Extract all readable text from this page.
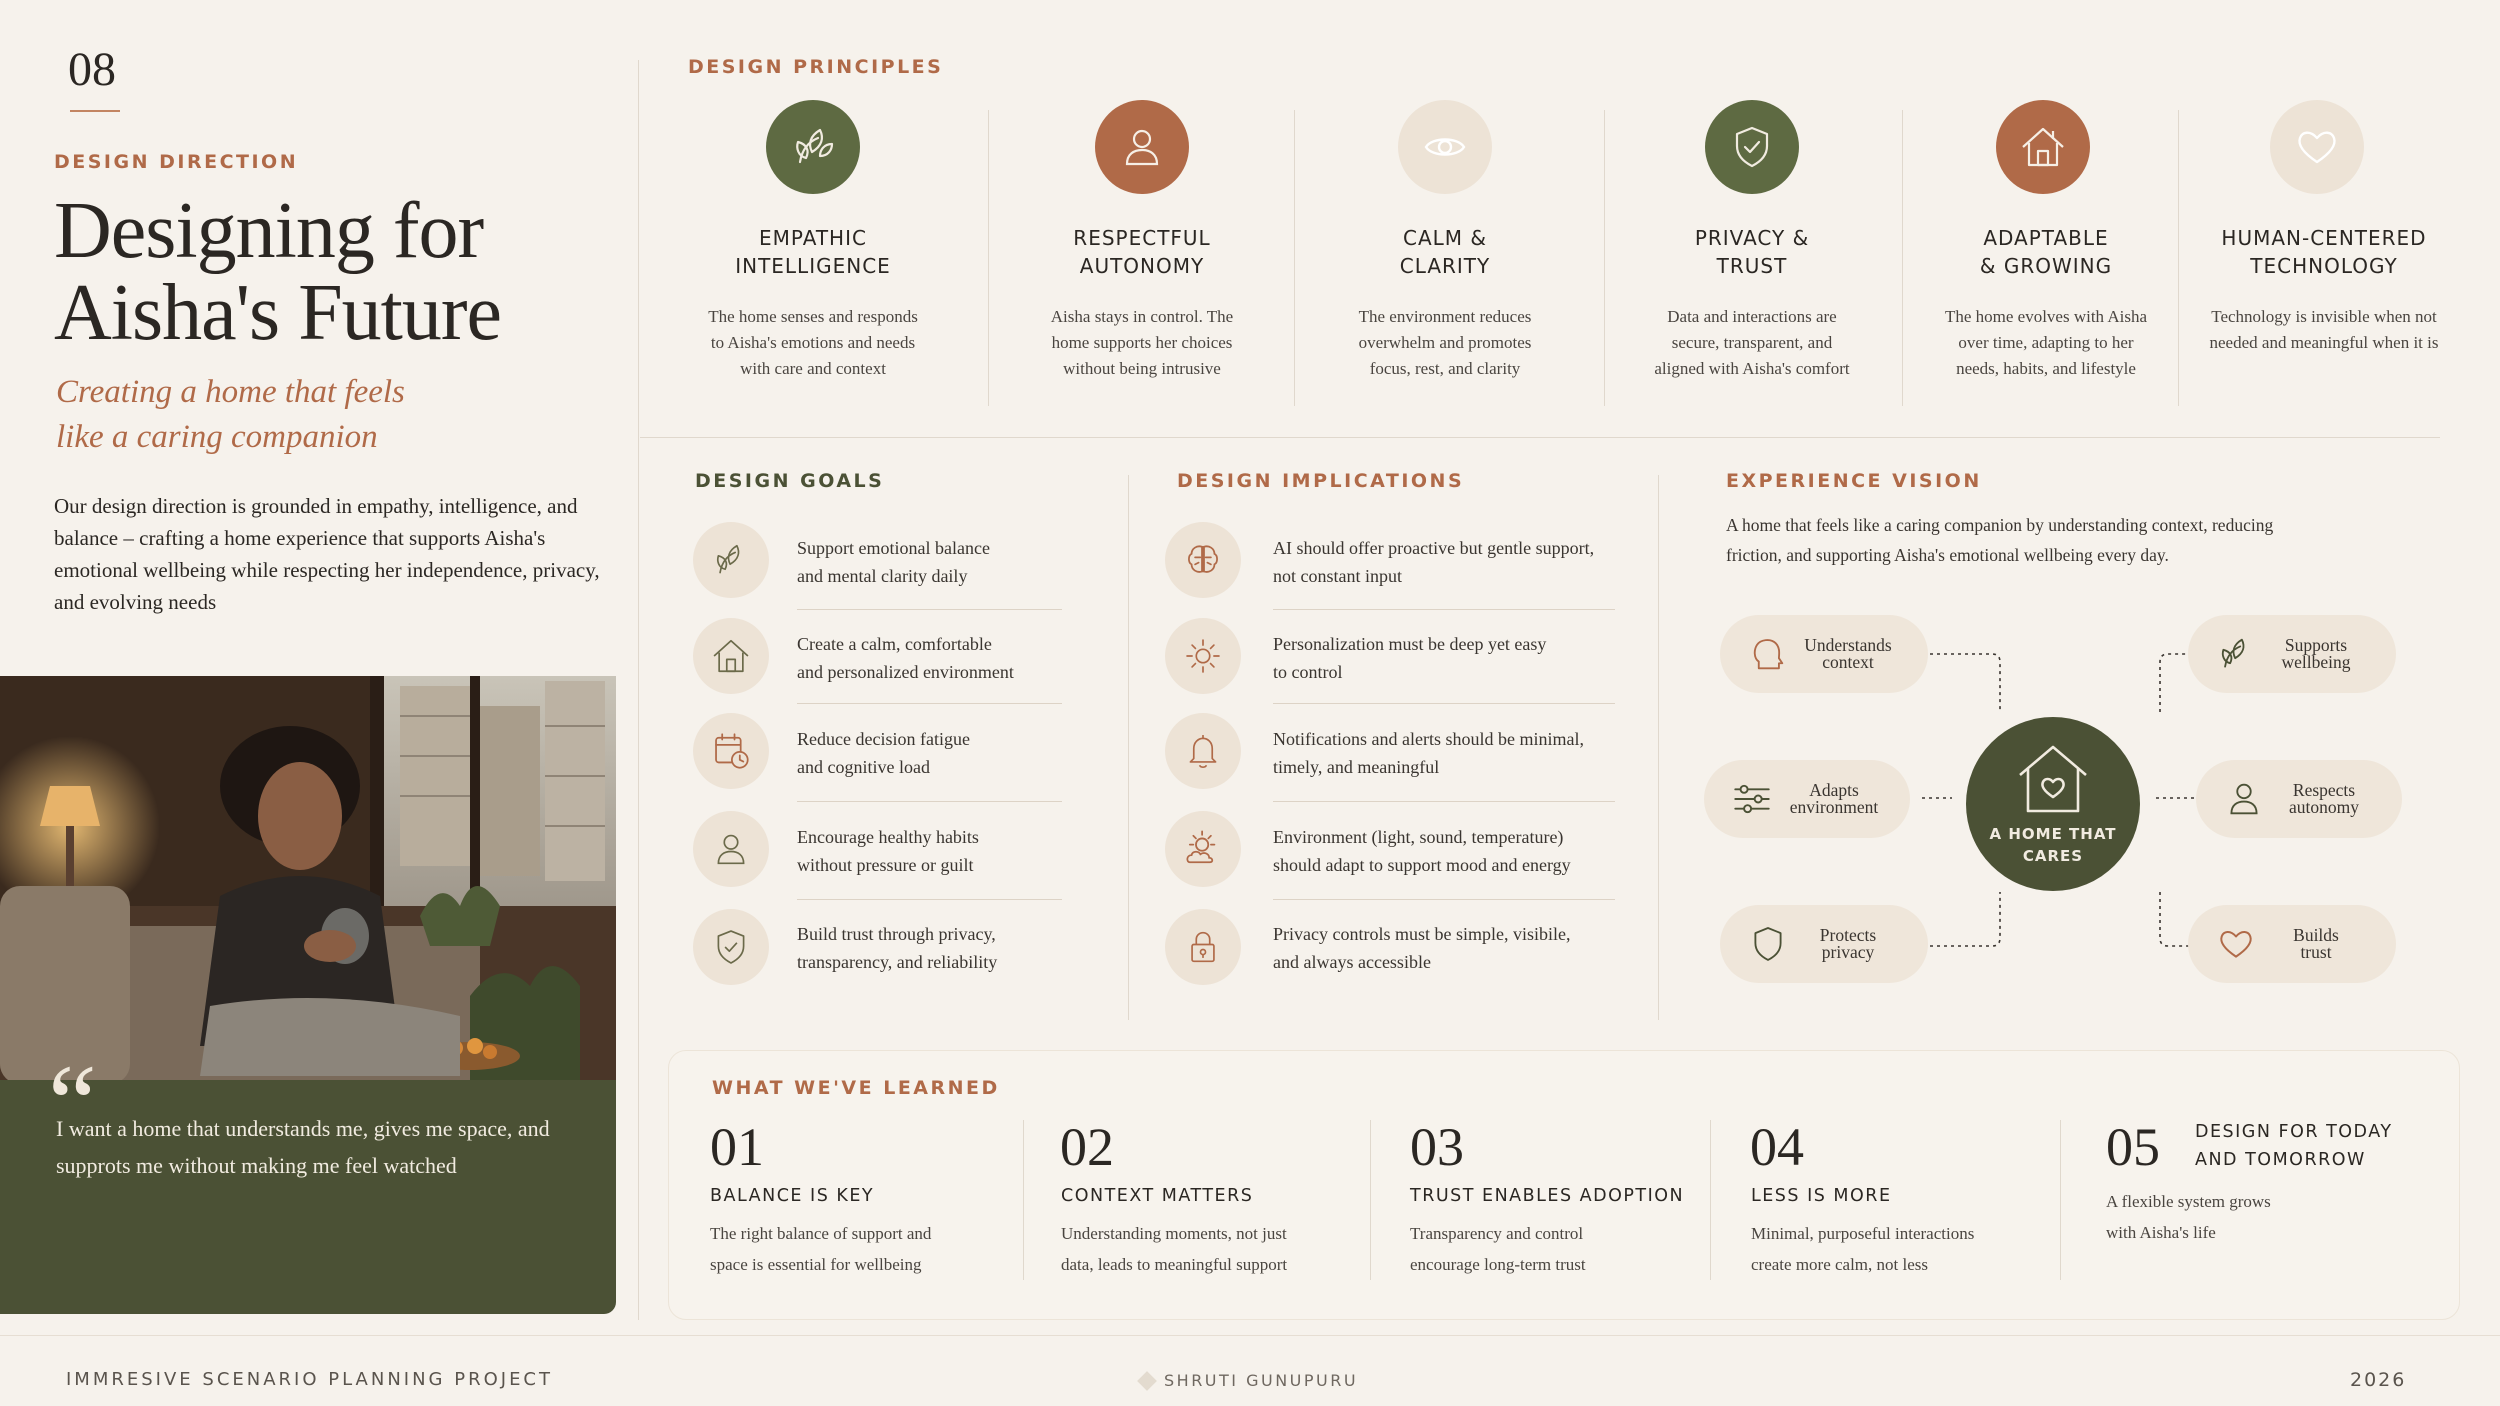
08
DESIGN DIRECTION
Designing for
Aisha's Future
Creating a home that feels
like a caring companion
Our design direction is grounded in empathy, intelligence, and balance – crafting a home experience that supports Aisha's emotional wellbeing while respecting her independence, privacy, and evolving needs
“
I want a home that understands me, gives me space, and supprots me without making me feel watched
DESIGN PRINCIPLES
EMPATHIC
INTELLIGENCE
The home senses and responds to Aisha's emotions and needs with care and context
RESPECTFUL
AUTONOMY
Aisha stays in control. The home supports her choices without being intrusive
CALM &
CLARITY
The environment reduces overwhelm and promotes focus, rest, and clarity
PRIVACY &
TRUST
Data and interactions are secure, transparent, and aligned with Aisha's comfort
ADAPTABLE
& GROWING
The home evolves with Aisha over time, adapting to her needs, habits, and lifestyle
HUMAN-CENTERED
TECHNOLOGY
Technology is invisible when not needed and meaningful when it is
DESIGN GOALS
Support emotional balance
and mental clarity daily
Create a calm, comfortable
and personalized environment
Reduce decision fatigue
and cognitive load
Encourage healthy habits
without pressure or guilt
Build trust through privacy,
transparency, and reliability
DESIGN IMPLICATIONS
AI should offer proactive but gentle support,
not constant input
Personalization must be deep yet easy
to control
Notifications and alerts should be minimal,
timely, and meaningful
Environment (light, sound, temperature)
should adapt to support mood and energy
Privacy controls must be simple, visibile,
and always accessible
EXPERIENCE VISION
A home that feels like a caring companion by understanding context, reducing friction, and supporting Aisha's emotional wellbeing every day.
Understands
context
Supports
wellbeing
Adapts
environment
Respects
autonomy
Protects
privacy
Builds
trust
A HOME THAT
CARES
WHAT WE'VE LEARNED
01
BALANCE IS KEY
The right balance of support and
space is essential for wellbeing
02
CONTEXT MATTERS
Understanding moments, not just
data, leads to meaningful support
03
TRUST ENABLES ADOPTION
Transparency and control
encourage long-term trust
04
LESS IS MORE
Minimal, purposeful interactions
create more calm, not less
05 DESIGN FOR TODAY
AND TOMORROW
A flexible system grows
with Aisha's life
IMMRESIVE SCENARIO PLANNING PROJECT	SHRUTI GUNUPURU	2026
